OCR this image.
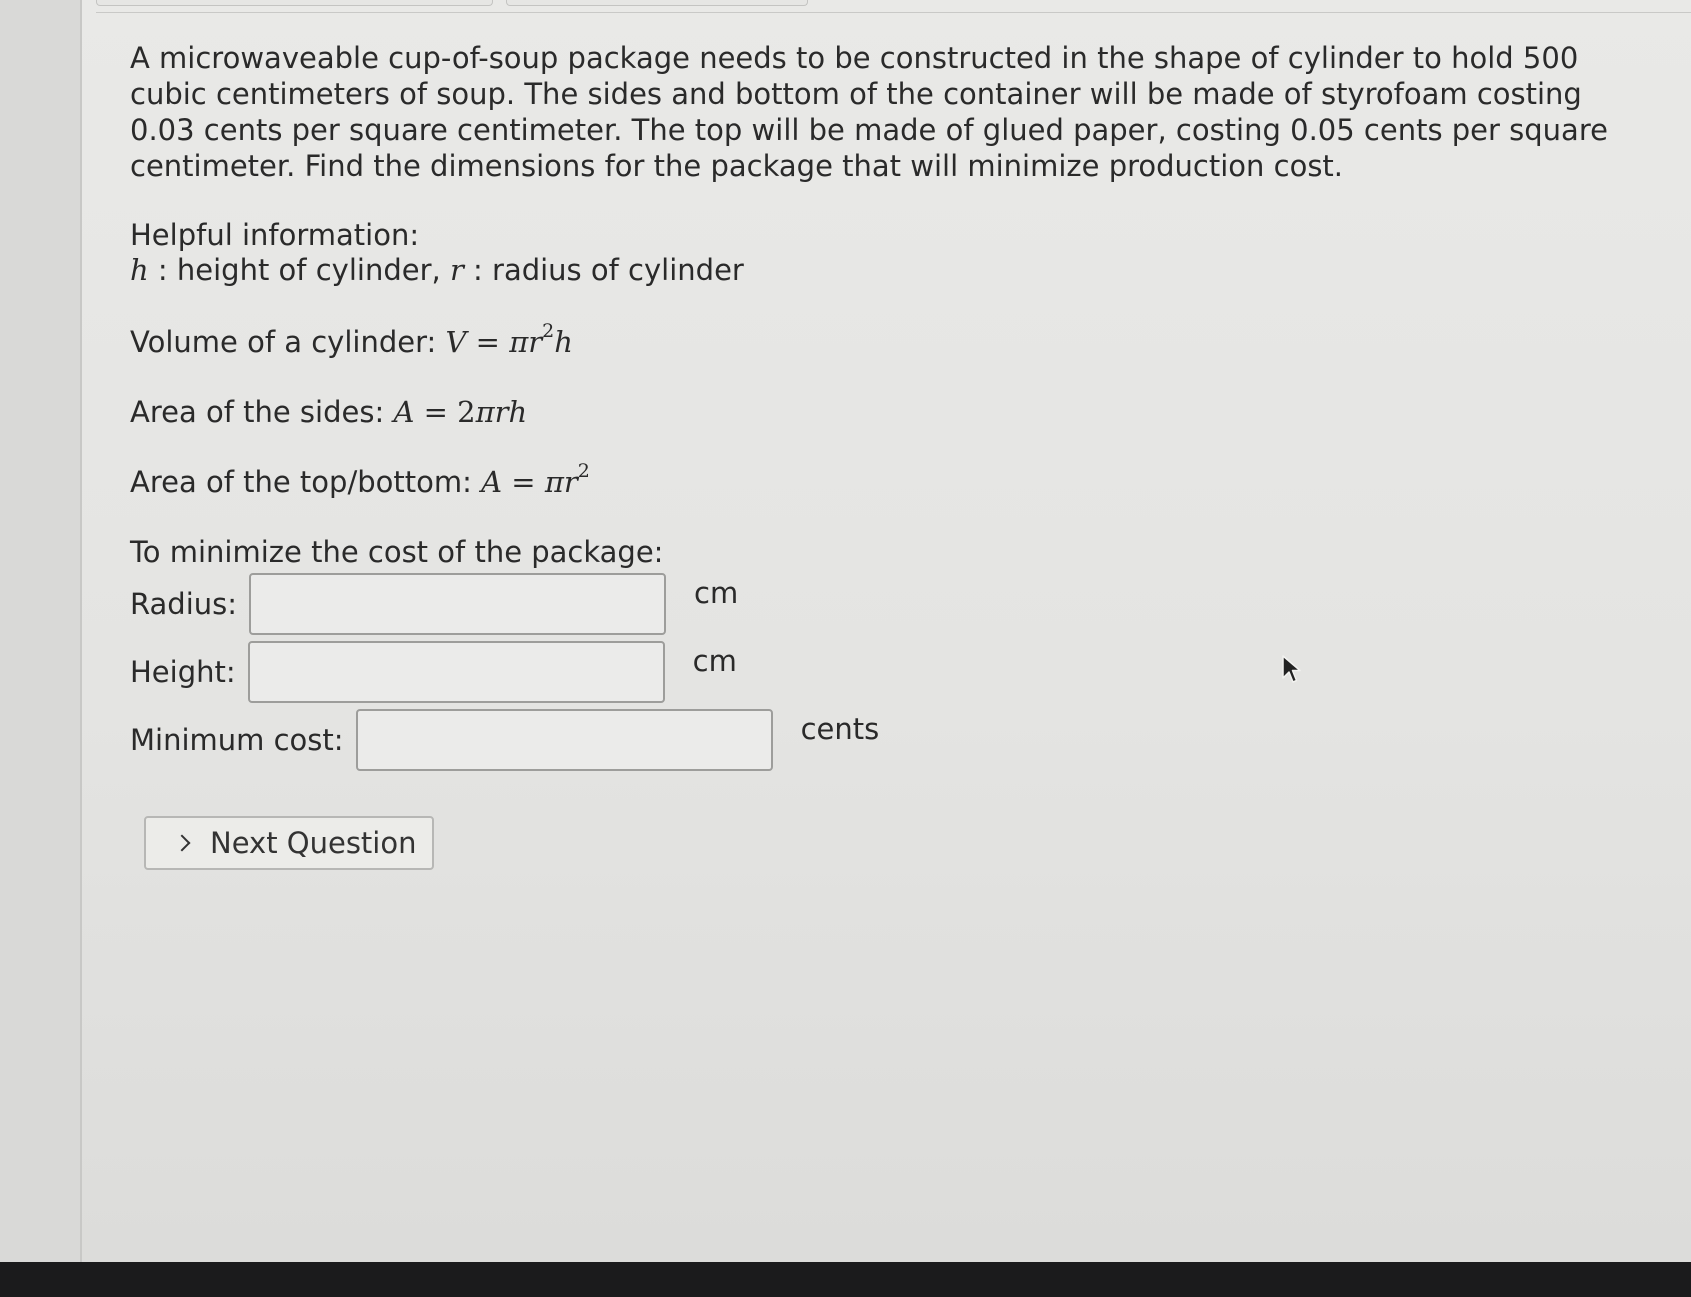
A microwaveable cup-of-soup package needs to be constructed in the shape of cylinder to hold 500 cubic centimeters of soup. The sides and bottom of the container will be made of styrofoam costing 0.03 cents per square centimeter. The top will be made of glued paper, costing 0.05 cents per square centimeter. Find the dimensions for the package that will minimize production cost.

Helpful information:
h : height of cylinder, r : radius of cylinder
Volume of a cylinder: $V = \pi r^2h$
Area of the sides: A = 2πrh
Area of the top/bottom: $A = \pi r^2$
To minimize the cost of the package:
Radius:	cm
Height:	cm
Minimum cost:	cents
Next Question
